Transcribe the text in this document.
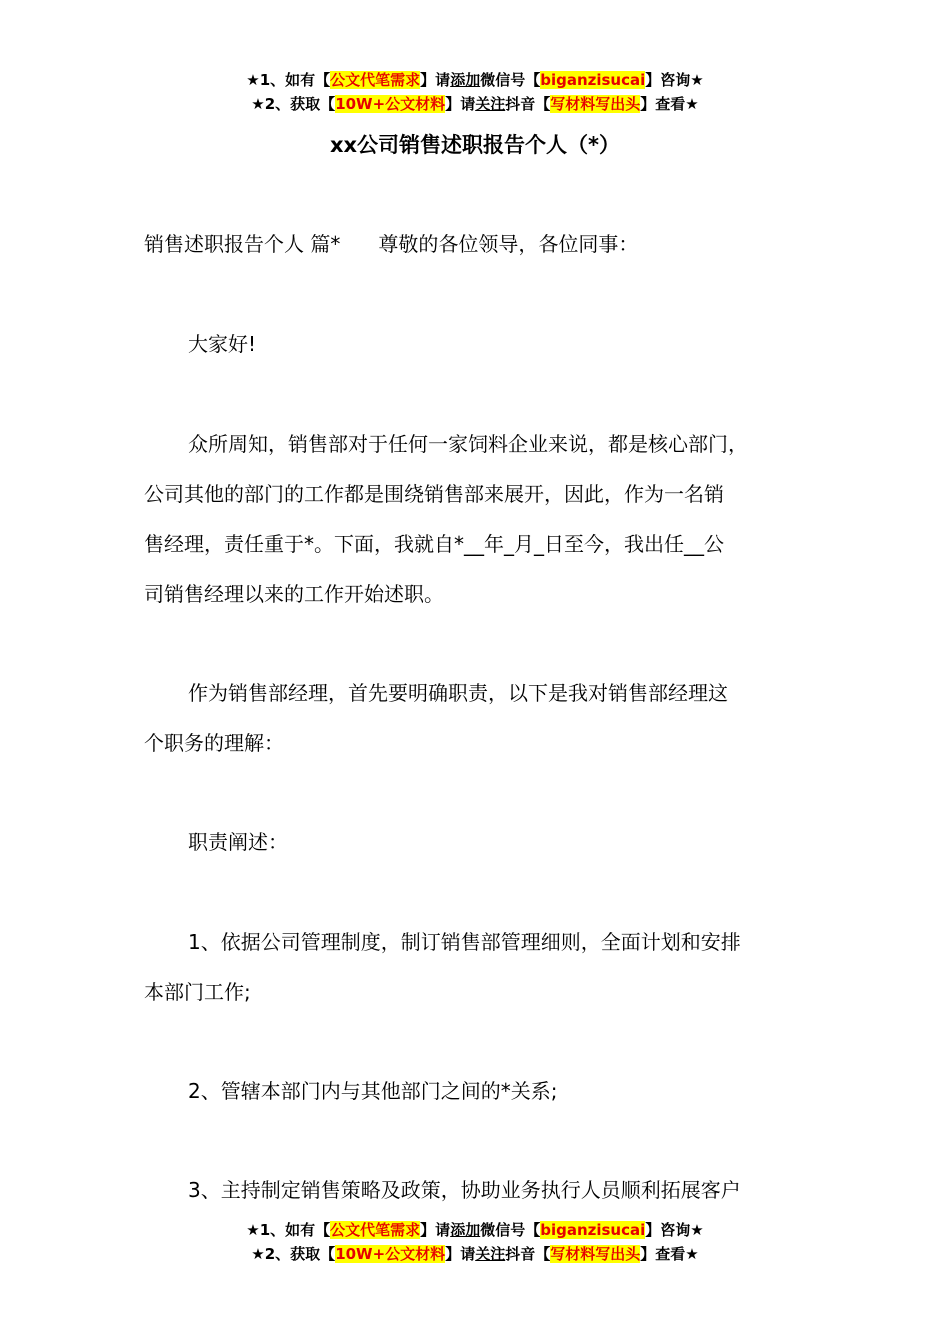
★1、如有【公文代笔需求】请添加微信号【biganzisucai】咨询★
★2、获取【10W+公文材料】请关注抖音【写材料写出头】查看★
xx公司销售述职报告个人（*）
销售述职报告个人 篇* 尊敬的各位领导，各位同事：
大家好!
众所周知，销售部对于任何一家饲料企业来说，都是核心部门，
公司其他的部门的工作都是围绕销售部来展开，因此，作为一名销
售经理，责任重于*。下面，我就自*__年_月_日至今，我出任__公
司销售经理以来的工作开始述职。
作为销售部经理，首先要明确职责，以下是我对销售部经理这
个职务的理解：
职责阐述：
1、依据公司管理制度，制订销售部管理细则，全面计划和安排
本部门工作;
2、管辖本部门内与其他部门之间的*关系;
3、主持制定销售策略及政策，协助业务执行人员顺利拓展客户
★1、如有【公文代笔需求】请添加微信号【biganzisucai】咨询★
★2、获取【10W+公文材料】请关注抖音【写材料写出头】查看★
